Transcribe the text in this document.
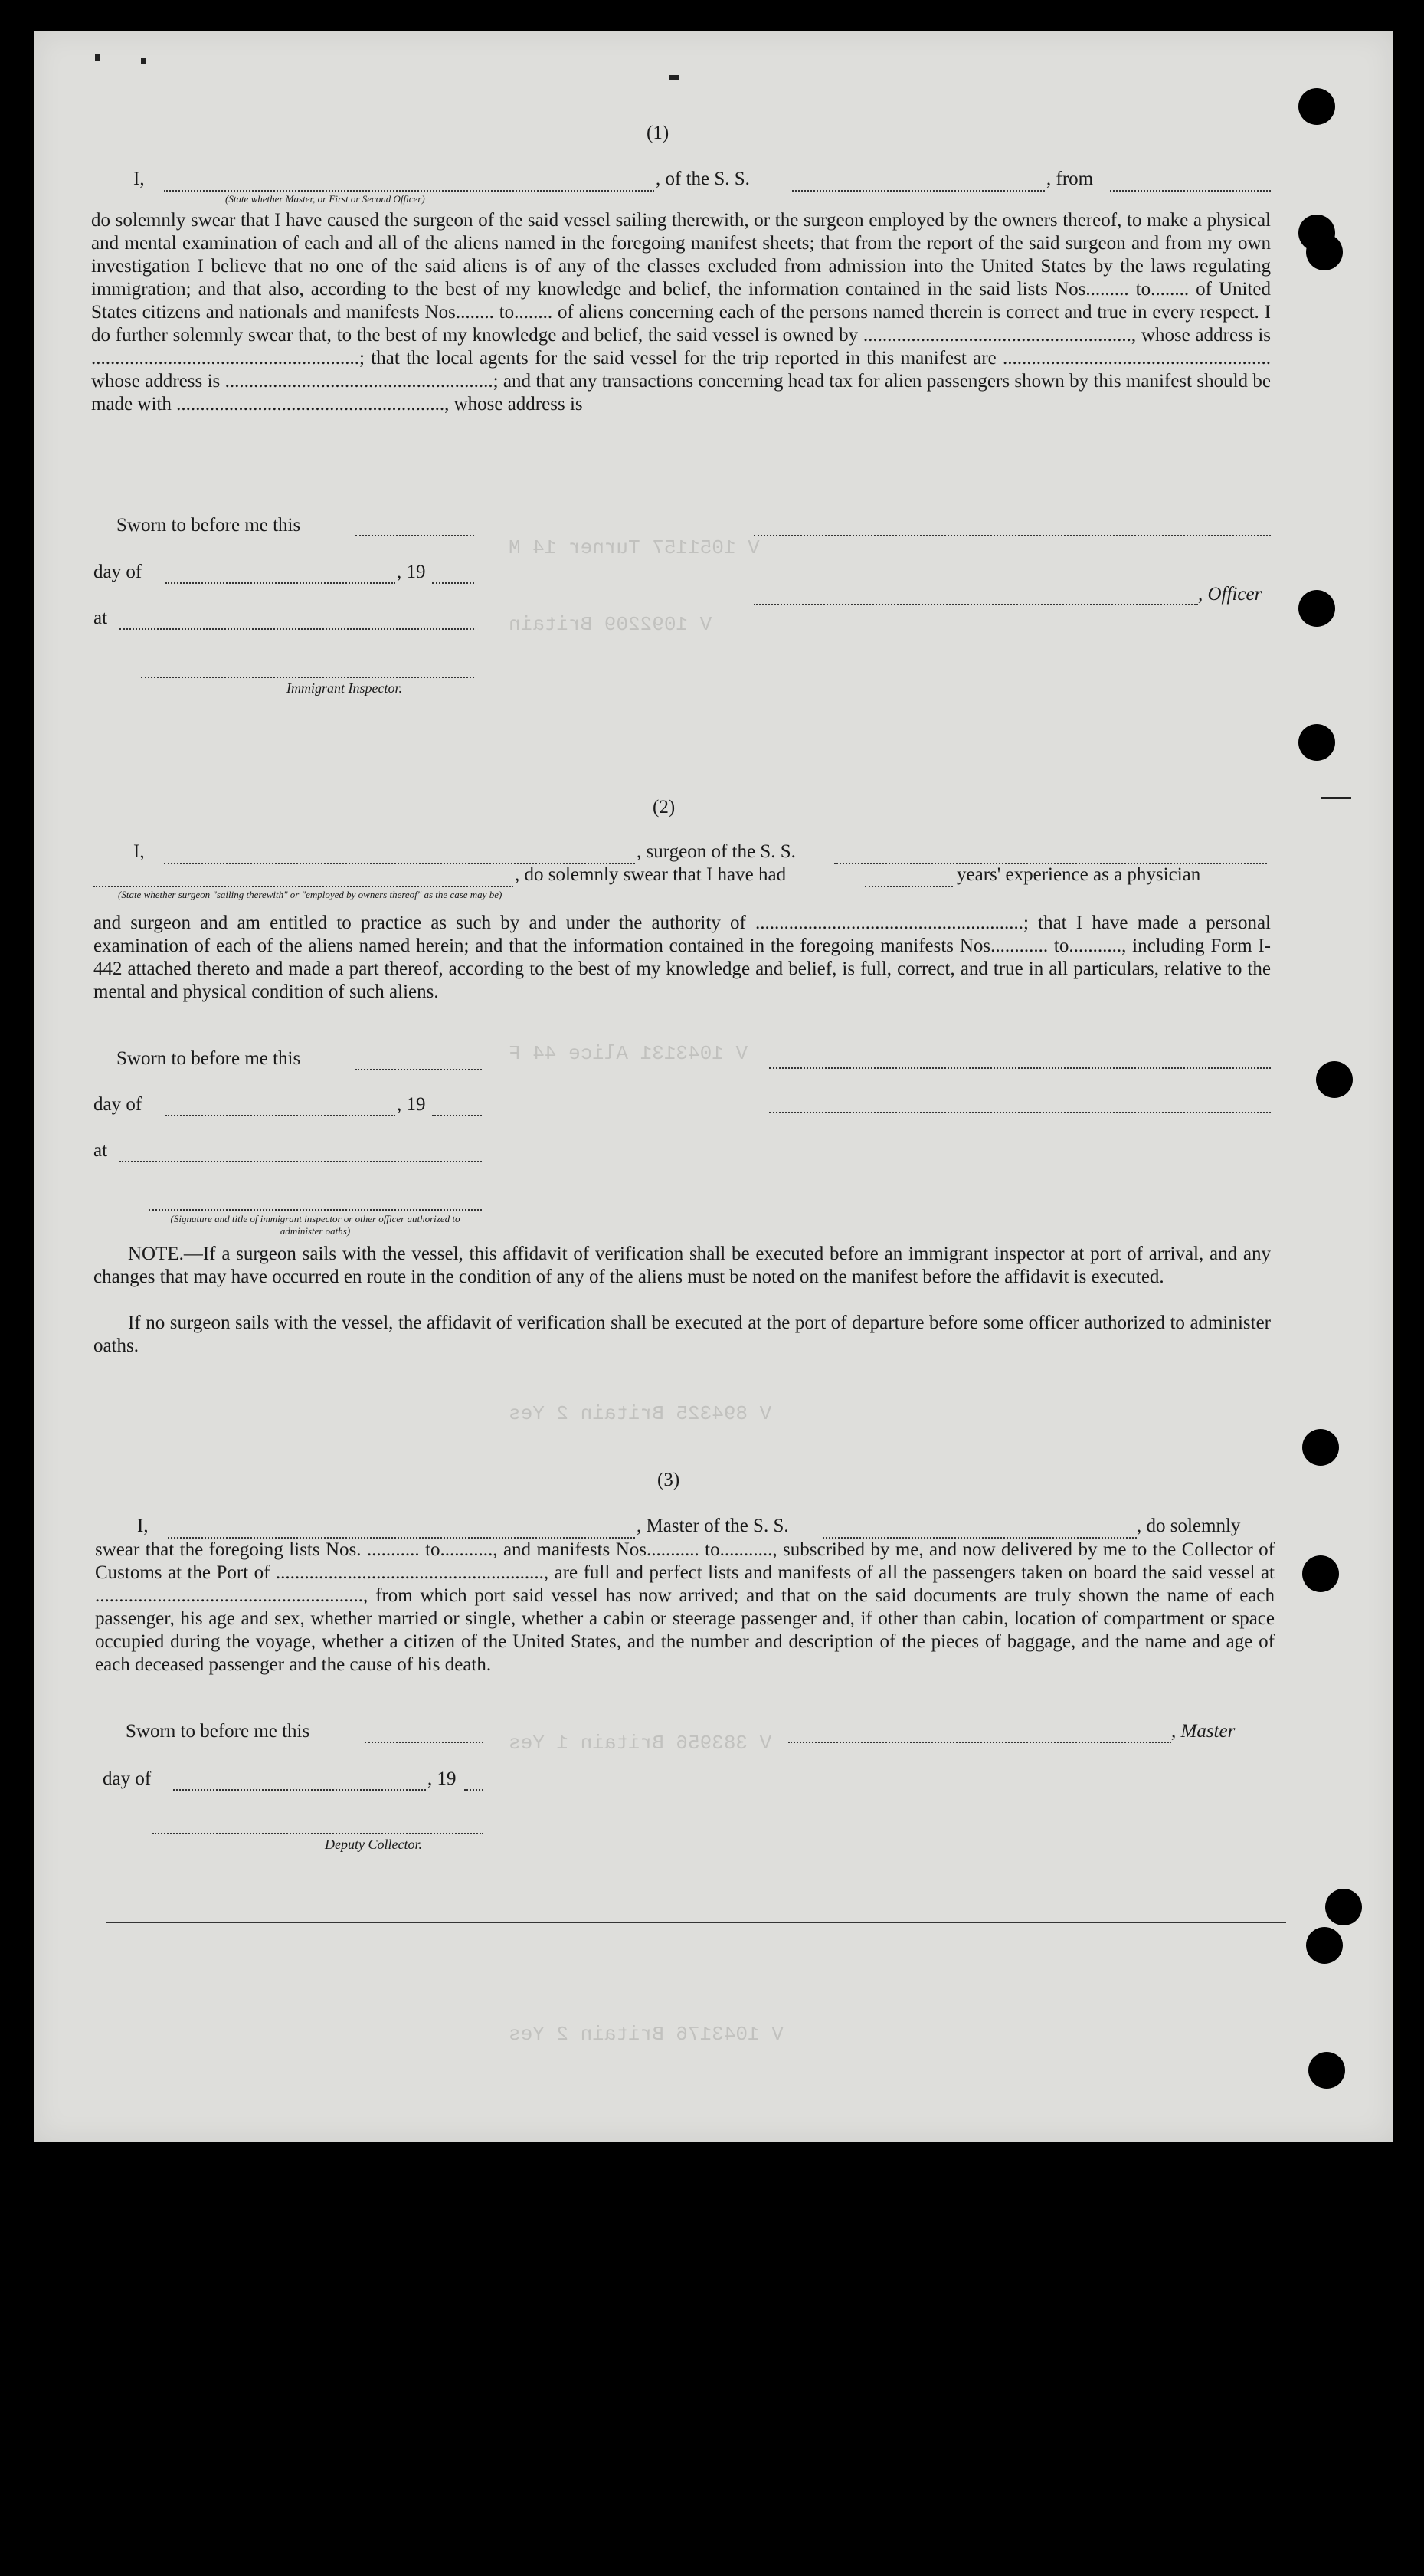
V 1051157 Turner 14 M
V 1092209 Britain
V 1043131 Alice 44 F
V 894325 Britain 2 Yes
V 383956 Britain 1 Yes
V 1043176 Britain 2 Yes
(1)
I,
(State whether Master, or First or Second Officer)
, of the S. S.	, from
do solemnly swear that I have caused the surgeon of the said vessel sailing therewith, or the surgeon employed by the owners thereof, to make a physical and mental examination of each and all of the aliens named in the foregoing manifest sheets; that from the report of the said surgeon and from my own investigation I believe that no one of the said aliens is of any of the classes excluded from admission into the United States by the laws regulating immigration; and that also, according to the best of my knowledge and belief, the information contained in the said lists Nos......... to........ of United States citizens and nationals and manifests Nos........ to........ of aliens concerning each of the persons named therein is correct and true in every respect. I do further solemnly swear that, to the best of my knowledge and belief, the said vessel is owned by ........................................................, whose address is ........................................................; that the local agents for the said vessel for the trip reported in this manifest are ........................................................ whose address is ........................................................; and that any transactions concerning head tax for alien passengers shown by this manifest should be made with ........................................................, whose address is
Sworn to before me this
day of	, 19
, Officer
at
Immigrant Inspector.
(2)
I,	, surgeon of the S. S.
(State whether surgeon "sailing therewith" or "employed by owners thereof" as the case may be)
, do solemnly swear that I have had	years' experience as a physician
and surgeon and am entitled to practice as such by and under the authority of ........................................................; that I have made a personal examination of each of the aliens named herein; and that the information contained in the foregoing manifests Nos............ to..........., including Form I-442 attached thereto and made a part thereof, according to the best of my knowledge and belief, is full, correct, and true in all particulars, relative to the mental and physical condition of such aliens.
Sworn to before me this
day of	, 19
at
(Signature and title of immigrant inspector or other officer authorized to administer oaths)
NOTE.—If a surgeon sails with the vessel, this affidavit of verification shall be executed before an immigrant inspector at port of arrival, and any changes that may have occurred en route in the condition of any of the aliens must be noted on the manifest before the affidavit is executed.
If no surgeon sails with the vessel, the affidavit of verification shall be executed at the port of departure before some officer authorized to administer oaths.
(3)
I,	, Master of the S. S.	, do solemnly
swear that the foregoing lists Nos. ........... to..........., and manifests Nos........... to..........., subscribed by me, and now delivered by me to the Collector of Customs at the Port of ........................................................, are full and perfect lists and manifests of all the passengers taken on board the said vessel at ........................................................, from which port said vessel has now arrived; and that on the said documents are truly shown the name of each passenger, his age and sex, whether married or single, whether a cabin or steerage passenger and, if other than cabin, location of compartment or space occupied during the voyage, whether a citizen of the United States, and the number and description of the pieces of baggage, and the name and age of each deceased passenger and the cause of his death.
Sworn to before me this	, Master
day of	, 19
Deputy Collector.
